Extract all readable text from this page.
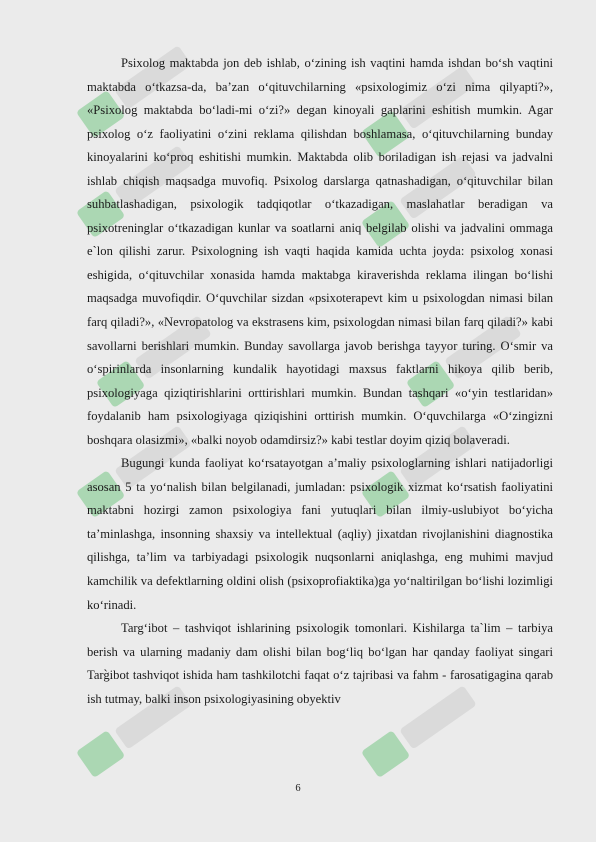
Psixolog maktabda jon deb ishlab, o‘zining ish vaqtini hamda ishdan bo‘sh vaqtini maktabda o‘tkazsa-da, ba’zan o‘qituvchilarning «psixologimiz o‘zi nima qilyapti?», «Psixolog maktabda bo‘ladi-mi o‘zi?» degan kinoyali gaplarini eshitish mumkin. Agar psixolog o‘z faoliyatini o‘zini reklama qilishdan boshlamasa, o‘qituvchilarning bunday kinoyalarini ko‘proq eshitishi mumkin. Maktabda olib boriladigan ish rejasi va jadvalni ishlab chiqish maqsadga muvofiq. Psixolog darslarga qatnashadigan, o‘qituvchilar bilan suhbatlashadigan, psixologik tadqiqotlar o‘tkazadigan, maslahatlar beradigan va psixotreninglar o‘tkazadigan kunlar va soatlarni aniq belgilab olishi va jadvalini ommaga e`lon qilishi zarur. Psixologning ish vaqti haqida kamida uchta joyda: psixolog xonasi eshigida, o‘qituvchilar xonasida hamda maktabga kiraverishda reklama ilingan bo‘lishi maqsadga muvofiqdir. O‘quvchilar sizdan «psixoterapevt kim u psixologdan nimasi bilan farq qiladi?», «Nevropatolog va ekstrasens kim, psixologdan nimasi bilan farq qiladi?» kabi savollarni berishlari mumkin. Bunday savollarga javob berishga tayyor turing. O‘smir va o‘spirinlarda insonlarning kundalik hayotidagi maxsus faktlarni hikoya qilib berib, psixologiyaga qiziqtirishlarini orttirishlari mumkin. Bundan tashqari «o‘yin testlaridan» foydalanib ham psixologiyaga qiziqishini orttirish mumkin. O‘quvchilarga «O‘zingizni boshqara olasizmi», «balki noyob odamdirsiz?» kabi testlar doyim qiziq bolaveradi.

Bugungi kunda faoliyat ko‘rsatayotgan a’maliy psixologlarning ishlari natijadorligi asosan 5 ta yo‘nalish bilan belgilanadi, jumladan: psixologik xizmat ko‘rsatish faoliyatini maktabni hozirgi zamon psixologiya fani yutuqlari bilan ilmiy-uslubiyot bo‘yicha ta’minlashga, insonning shaxsiy va intellektual (aqliy) jixatdan rivojlanishini diagnostika qilishga, ta’lim va tarbiyadagi psixologik nuqsonlarni aniqlashga, eng muhimi mavjud kamchilik va defektlarning oldini olish (psixoprofiaktika)ga yo‘naltirilgan bo‘lishi lozimligi ko‘rinadi.

Targ‘ibot – tashviqot ishlarining psixologik tomonlari. Kishilarga ta`lim – tarbiya berish va ularning madaniy dam olishi bilan bog‘liq bo‘lgan har qanday faoliyat singari Targ̀ibot tashviqot ishida ham tashkilotchi faqat o‘z tajribasi va fahm - farosatigagina qarab ish tutmay, balki inson psixologiyasining obyektiv

6
